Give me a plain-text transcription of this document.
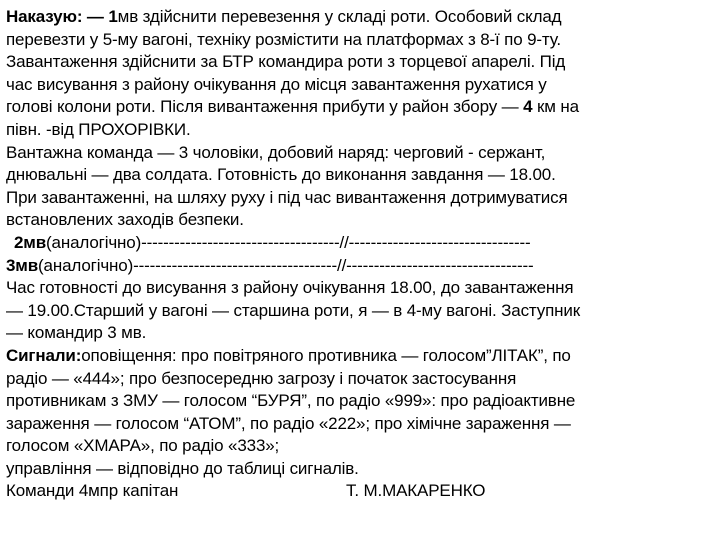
Наказую: — 1мв здійснити перевезення у складі роти. Особовий склад
перевезти у 5-му вагоні, техніку розмістити на платформах з 8-ї по 9-ту.
Завантаження здійснити за БТР командира роти з торцевої апарелі. Під
час висування з району очікування до місця завантаження рухатися у
голові колони роти. Після вивантаження прибути у район збору — 4 км на
півн. -від ПРОХОРІВКИ.
Вантажна команда — 3 чоловіки, добовий наряд: черговий - сержант,
днювальні — два солдата. Готовність до виконання завдання — 18.00.
При завантаженні, на шляху руху і під час вивантаження дотримуватися
встановлених заходів безпеки.
2мв(аналогічно)------------------------------------//---------------------------------
3мв(аналогічно)-------------------------------------//----------------------------------
Час готовності до висування з району очікування 18.00, до завантаження
— 19.00.Старший у вагоні — старшина роти, я — в 4-му вагоні. Заступник
— командир 3 мв.
Сигнали:оповіщення: про повітряного противника — голосом”ЛІТАК”, по
радіо — «444»; про безпосередню загрозу і початок застосування
противникам з ЗМУ — голосом “БУРЯ”, по радіо «999»: про радіоактивне
зараження — голосом “АТОМ”, по радіо «222»; про хімічне зараження —
голосом «ХМАРА», по радіо «333»;
управління — відповідно до таблиці сигналів.
Команди 4мпр капітан	Т. М.МАКАРЕНКО
